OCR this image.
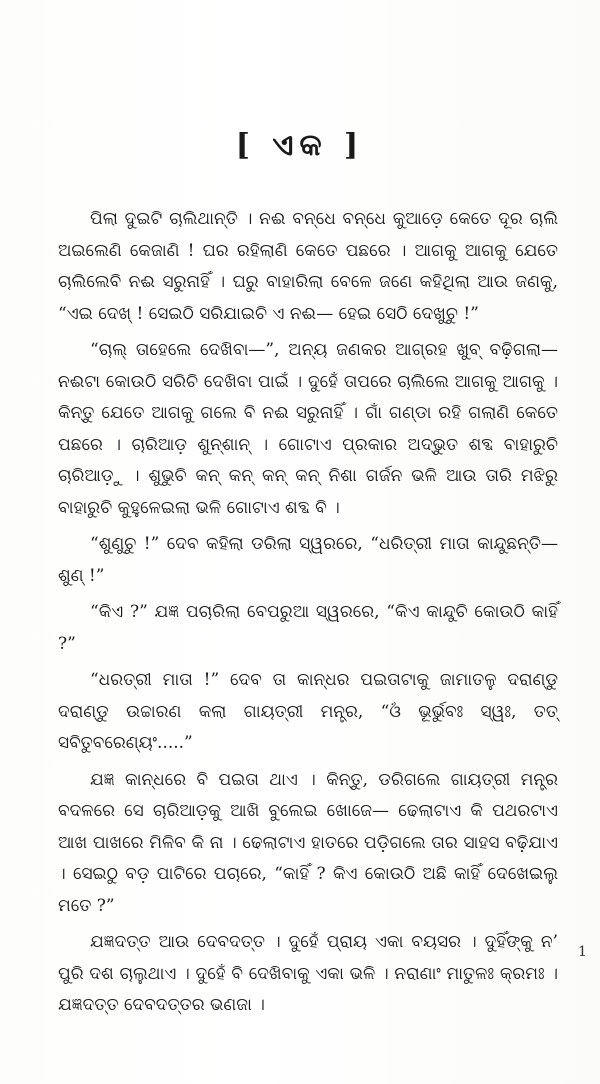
[ ଏକ ]

ପିଲା ଦୁଇଟି ଚାଲିଥାନ୍ତି । ନଈ ବନ୍ଧେ ବନ୍ଧେ କୁଆଡ଼େ କେତେ ଦୂର ଚାଲି ଅଇଲେଣି କେଜାଣି ! ଘର ରହିଲାଣି କେତେ ପଛରେ । ଆଗକୁ ଆଗକୁ ଯେତେ ଚାଲିଲେବି ନଈ ସରୁନାହିଁ । ଘରୁ ବାହାରିଲା ବେଳେ ଜଣେ କହିଥିଲା ଆଉ ଜଣକୁ, “ଏଇ ଦେଖ୍ ! ସେଇଠି ସରିଯାଇଚି ଏ ନଈ— ହେଇ ସେଠି ଦେଖୁଚୁ !”

“ଚାଲ୍ ତାହେଲେ ଦେଖିବା—”, ଅନ୍ୟ ଜଣକର ଆଗ୍ରହ ଖୁବ୍ ବଢ଼ିଗଲା— ନଈଟା କୋଉଠି ସରିଚି ଦେଖିବା ପାଇଁ । ଦୁହେଁ ତାପରେ ଚାଲିଲେ ଆଗକୁ ଆଗକୁ । କିନ୍ତୁ ଯେତେ ଆଗକୁ ଗଲେ ବି ନଈ ସରୁନାହିଁ । ଗାଁ ଗଣ୍ଡା ରହି ଗଲାଣି କେତେ ପଛରେ । ଚାରିଆଡ଼ ଶୁନ୍‌ଶାନ୍ । ଗୋଟାଏ ପ୍ରକାର ଅଦ୍ଭୁତ ଶବ୍ଦ ବାହାରୁଚି ଚାରିଆଡ଼ୁ । ଶୁଭୁଚି କନ୍ କନ୍ କନ୍ କନ୍ ନିଶା ଗର୍ଜନ ଭଳି ଆଉ ତାରି ମଝିରୁ ବାହାରୁଚି କୁହୁଳେଇଲା ଭଳି ଗୋଟାଏ ଶବ୍ଦ ବି ।

“ଶୁଣୁଚୁ !” ଦେବ କହିଲା ଡରିଲା ସ୍ୱରରେ, “ଧରିତ୍ରୀ ମାତା କାନ୍ଦୁଛନ୍ତି— ଶୁଣ୍ !”

“କିଏ ?” ଯଜ୍ଞ ପଚାରିଲା ବେପରୁଆ ସ୍ୱରରେ, “କିଏ କାନ୍ଦୁଚି କୋଉଠି କାହିଁ ?”

“ଧରତ୍ରୀ ମାତା !” ଦେବ ତା କାନ୍ଧର ପଇତାଟାକୁ ଜାମାତଳୁ ଦରାଣ୍ଡୁ ଦରାଣ୍ଡୁ ଉଚ୍ଚାରଣ କଲା ଗାୟତ୍ରୀ ମନ୍ତ୍ର, “ଓଁ ଭୂର୍ଭୁବଃ ସ୍ୱଃ, ତତ୍ ସବିତୁବରେଣ୍ୟଂ.....”

ଯଜ୍ଞ କାନ୍ଧରେ ବି ପଇତା ଥାଏ । କିନ୍ତୁ, ଡରିଗଲେ ଗାୟତ୍ରୀ ମନ୍ତ୍ର ବଦଳରେ ସେ ଚାରିଆଡ଼କୁ ଆଖି ବୁଲେଇ ଖୋଜେ— ଢେଲାଟାଏ କି ପଥରଟାଏ ଆଖ ପାଖରେ ମିଳିବ କି ନା । ଢେଲାଟାଏ ହାତରେ ପଡ଼ିଗଲେ ତାର ସାହସ ବଢ଼ିଯାଏ । ସେଇଠୁ ବଡ଼ ପାଟିରେ ପଚାରେ, “କାହିଁ ? କିଏ କୋଉଠି ଅଛି କାହିଁ ଦେଖେଇଲୁ ମତେ ?”

ଯଜ୍ଞଦତ୍ତ ଆଉ ଦେବଦତ୍ତ । ଦୁହେଁ ପ୍ରାୟ ଏକା ବୟସର । ଦୁହିଁଙ୍କୁ ନ’ ପୁରି ଦଶ ଚାଲୁଥାଏ । ଦୁହେଁ ବି ଦେଖିବାକୁ ଏକା ଭଳି । ନରାଣାଂ ମାତୁଳଃ କ୍ରମଃ । ଯଜ୍ଞଦତ୍ତ ଦେବଦତ୍ତର ଭଣଜା ।

1
